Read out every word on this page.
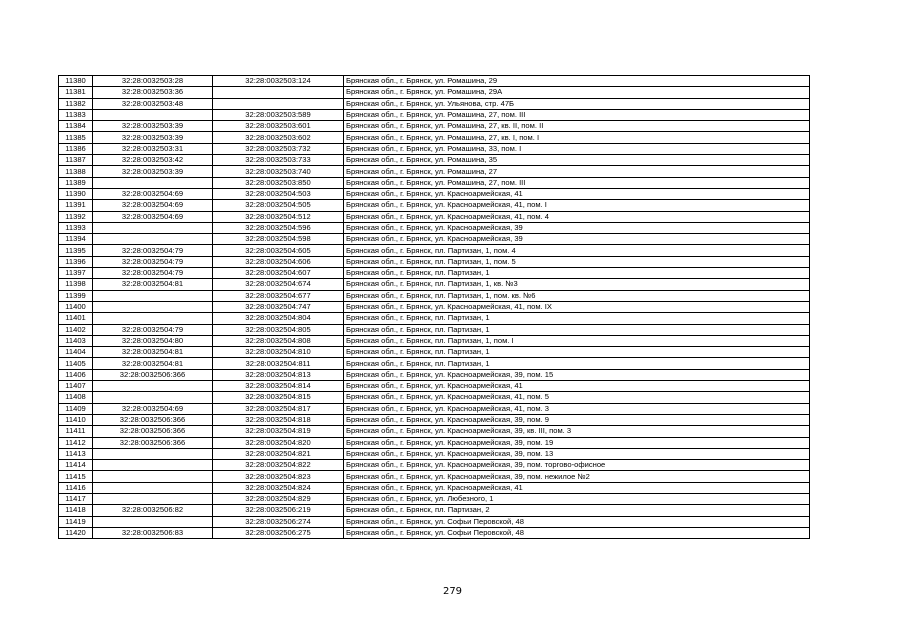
11380	32:28:0032503:28	32:28:0032503:124	Брянская обл., г. Брянск, ул. Ромашина, 29
11381	32:28:0032503:36		Брянская обл., г. Брянск, ул. Ромашина, 29А
11382	32:28:0032503:48		Брянская обл., г. Брянск, ул. Ульянова, стр. 47Б
11383		32:28:0032503:589	Брянская обл., г. Брянск, ул. Ромашина, 27, пом. III
11384	32:28:0032503:39	32:28:0032503:601	Брянская обл., г. Брянск, ул. Ромашина, 27, кв. II, пом. II
11385	32:28:0032503:39	32:28:0032503:602	Брянская обл., г. Брянск, ул. Ромашина, 27, кв. I, пом. I
11386	32:28:0032503:31	32:28:0032503:732	Брянская обл., г. Брянск, ул. Ромашина, 33, пом. I
11387	32:28:0032503:42	32:28:0032503:733	Брянская обл., г. Брянск, ул. Ромашина, 35
11388	32:28:0032503:39	32:28:0032503:740	Брянская обл., г. Брянск, ул. Ромашина, 27
11389		32:28:0032503:850	Брянская обл., г. Брянск, ул. Ромашина, 27, пом. III
11390	32:28:0032504:69	32:28:0032504:503	Брянская обл., г. Брянск, ул. Красноармейская, 41
11391	32:28:0032504:69	32:28:0032504:505	Брянская обл., г. Брянск, ул. Красноармейская, 41, пом. I
11392	32:28:0032504:69	32:28:0032504:512	Брянская обл., г. Брянск, ул. Красноармейская, 41, пом. 4
11393		32:28:0032504:596	Брянская обл., г. Брянск, ул. Красноармейская, 39
11394		32:28:0032504:598	Брянская обл., г. Брянск, ул. Красноармейская, 39
11395	32:28:0032504:79	32:28:0032504:605	Брянская обл., г. Брянск, пл. Партизан, 1, пом. 4
11396	32:28:0032504:79	32:28:0032504:606	Брянская обл., г. Брянск, пл. Партизан, 1, пом. 5
11397	32:28:0032504:79	32:28:0032504:607	Брянская обл., г. Брянск, пл. Партизан, 1
11398	32:28:0032504:81	32:28:0032504:674	Брянская обл., г. Брянск, пл. Партизан, 1, кв. №3
11399		32:28:0032504:677	Брянская обл., г. Брянск, пл. Партизан, 1, пом. кв. №6
11400		32:28:0032504:747	Брянская обл., г. Брянск, ул. Красноармейская, 41, пом. IX
11401		32:28:0032504:804	Брянская обл., г. Брянск, пл. Партизан, 1
11402	32:28:0032504:79	32:28:0032504:805	Брянская обл., г. Брянск, пл. Партизан, 1
11403	32:28:0032504:80	32:28:0032504:808	Брянская обл., г. Брянск, пл. Партизан, 1, пом. I
11404	32:28:0032504:81	32:28:0032504:810	Брянская обл., г. Брянск, пл. Партизан, 1
11405	32:28:0032504:81	32:28:0032504:811	Брянская обл., г. Брянск, пл. Партизан, 1
11406	32:28:0032506:366	32:28:0032504:813	Брянская обл., г. Брянск, ул. Красноармейская, 39, пом. 15
11407		32:28:0032504:814	Брянская обл., г. Брянск, ул. Красноармейская, 41
11408		32:28:0032504:815	Брянская обл., г. Брянск, ул. Красноармейская, 41, пом. 5
11409	32:28:0032504:69	32:28:0032504:817	Брянская обл., г. Брянск, ул. Красноармейская, 41, пом. 3
11410	32:28:0032506:366	32:28:0032504:818	Брянская обл., г. Брянск, ул. Красноармейская, 39, пом. 9
11411	32:28:0032506:366	32:28:0032504:819	Брянская обл., г. Брянск, ул. Красноармейская, 39, кв. III, пом. 3
11412	32:28:0032506:366	32:28:0032504:820	Брянская обл., г. Брянск, ул. Красноармейская, 39, пом. 19
11413		32:28:0032504:821	Брянская обл., г. Брянск, ул. Красноармейская, 39, пом. 13
11414		32:28:0032504:822	Брянская обл., г. Брянск, ул. Красноармейская, 39, пом. торгово-офисное
11415		32:28:0032504:823	Брянская обл., г. Брянск, ул. Красноармейская, 39, пом. нежилое №2
11416		32:28:0032504:824	Брянская обл., г. Брянск, ул. Красноармейская, 41
11417		32:28:0032504:829	Брянская обл., г. Брянск, ул. Любезного, 1
11418	32:28:0032506:82	32:28:0032506:219	Брянская обл., г. Брянск, пл. Партизан, 2
11419		32:28:0032506:274	Брянская обл., г. Брянск, ул. Софьи Перовской, 48
11420	32:28:0032506:83	32:28:0032506:275	Брянская обл., г. Брянск, ул. Софьи Перовской, 48
279
